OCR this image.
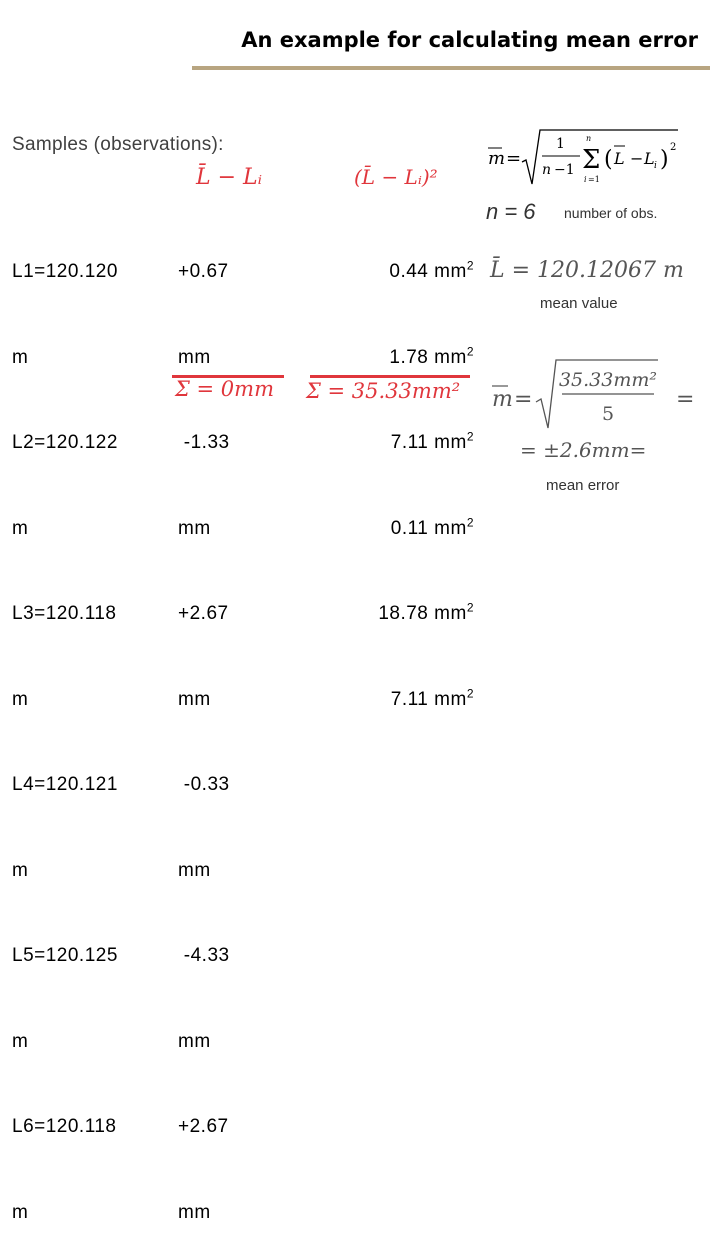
An example for calculating mean error
Samples (observations):
L̄ − Lᵢ	(L̄ − Lᵢ)²

L1=120.120

m

L2=120.122

m

L3=120.118

m

L4=120.121

m

L5=120.125

m

L6=120.118

m

+0.67

mm

-1.33

mm

+2.67

mm

-0.33

mm

-4.33

mm

+2.67

mm

0.44 $mm^2$

1.78 $mm^2$

7.11 $mm^2$

0.11 $mm^2$

18.78 $mm^2$

7.11 $mm^2$

Σ = 0mm Σ = 35.33mm²
m =
1
n −1 Σ
n
i =1
( L − L i ) 2
n = 6 number of obs.
L̄ = 120.12067 m
mean value
m =
35.33mm²
5
=
= ±2.6mm=
mean error
